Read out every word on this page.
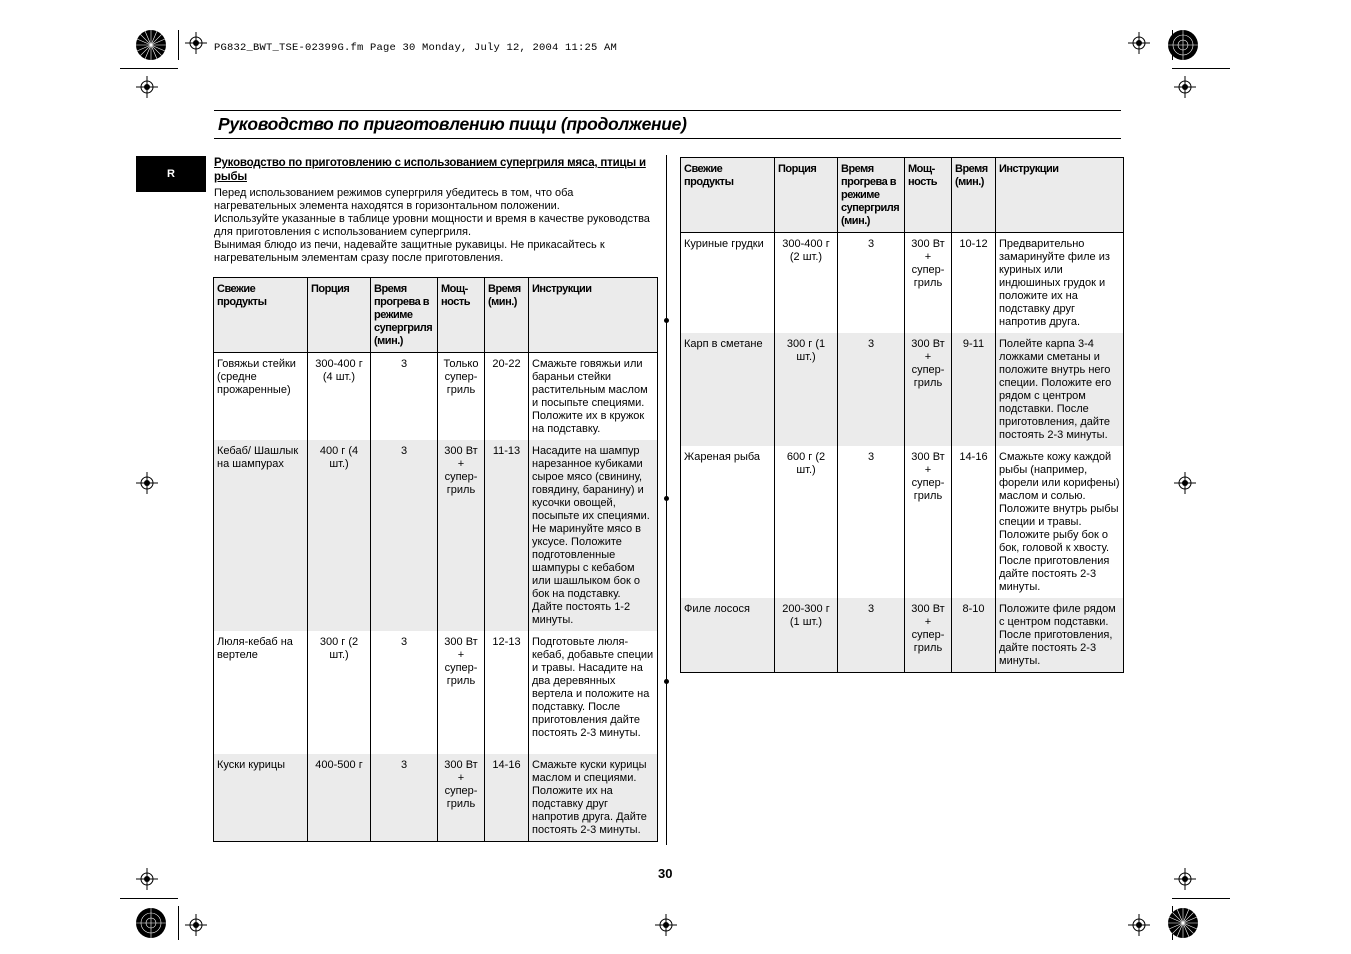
PG832_BWT_TSE-02399G.fm Page 30 Monday, July 12, 2004 11:25 AM
Руководство по приготовлению пищи (продолжение)
R
Руководство по приготовлению с использованием супергриля мяса, птицы и рыбы

Перед использованием режимов супергриля убедитесь в том, что оба нагревательных элемента находятся в горизонтальном положении.

Используйте указанные в таблице уровни мощности и время в качестве руководства для приготовления с использованием супергриля.

Вынимая блюдо из печи, надевайте защитные рукавицы. Не прикасайтесь к нагревательным элементам сразу после приготовления.

Свежие продукты	Порция	Время прогрева в режиме супергриля (мин.)	Мощ-ность	Время (мин.)	Инструкции
Говяжьи стейки (средне прожаренные)	300-400 г (4 шт.)	3	Только супер-гриль	20-22	Смажьте говяжьи или бараньи стейки растительным маслом и посыпьте специями. Положите их в кружок на подставку.
Кебаб/ Шашлык на шампурах	400 г (4 шт.)	3	300 Вт + супер-гриль	11-13	Насадите на шампур нарезанное кубиками сырое мясо (свинину, говядину, баранину) и кусочки овощей, посыпьте их специями. Не маринуйте мясо в уксусе. Положите подготовленные шампуры с кебабом или шашлыком бок о бок на подставку. Дайте постоять 1-2 минуты.
Люля-кебаб на вертеле	300 г (2 шт.)	3	300 Вт + супер-гриль	12-13	Подготовьте люля-кебаб, добавьте специи и травы. Насадите на два деревянных вертела и положите на подставку. После приготовления дайте постоять 2-3 минуты.
Куски курицы	400-500 г	3	300 Вт + супер-гриль	14-16	Смажьте куски курицы маслом и специями. Положите их на подставку друг напротив друга. Дайте постоять 2-3 минуты.
Свежие продукты	Порция	Время прогрева в режиме супергриля (мин.)	Мощ-ность	Время (мин.)	Инструкции
Куриные грудки	300-400 г (2 шт.)	3	300 Вт + супер-гриль	10-12	Предварительно замаринуйте филе из куриных или индюшиных грудок и положите их на подставку друг напротив друга.
Карп в сметане	300 г (1 шт.)	3	300 Вт + супер-гриль	9-11	Полейте карпа 3-4 ложками сметаны и положите внутрь него специи. Положите его рядом с центром подставки. После приготовления, дайте постоять 2-3 минуты.
Жареная рыба	600 г (2 шт.)	3	300 Вт + супер-гриль	14-16	Смажьте кожу каждой рыбы (например, форели или корифены) маслом и солью. Положите внутрь рыбы специи и травы. Положите рыбу бок о бок, головой к хвосту. После приготовления дайте постоять 2-3 минуты.
Филе лосося	200-300 г (1 шт.)	3	300 Вт + супер-гриль	8-10	Положите филе рядом с центром подставки. После приготовления, дайте постоять 2-3 минуты.
30
